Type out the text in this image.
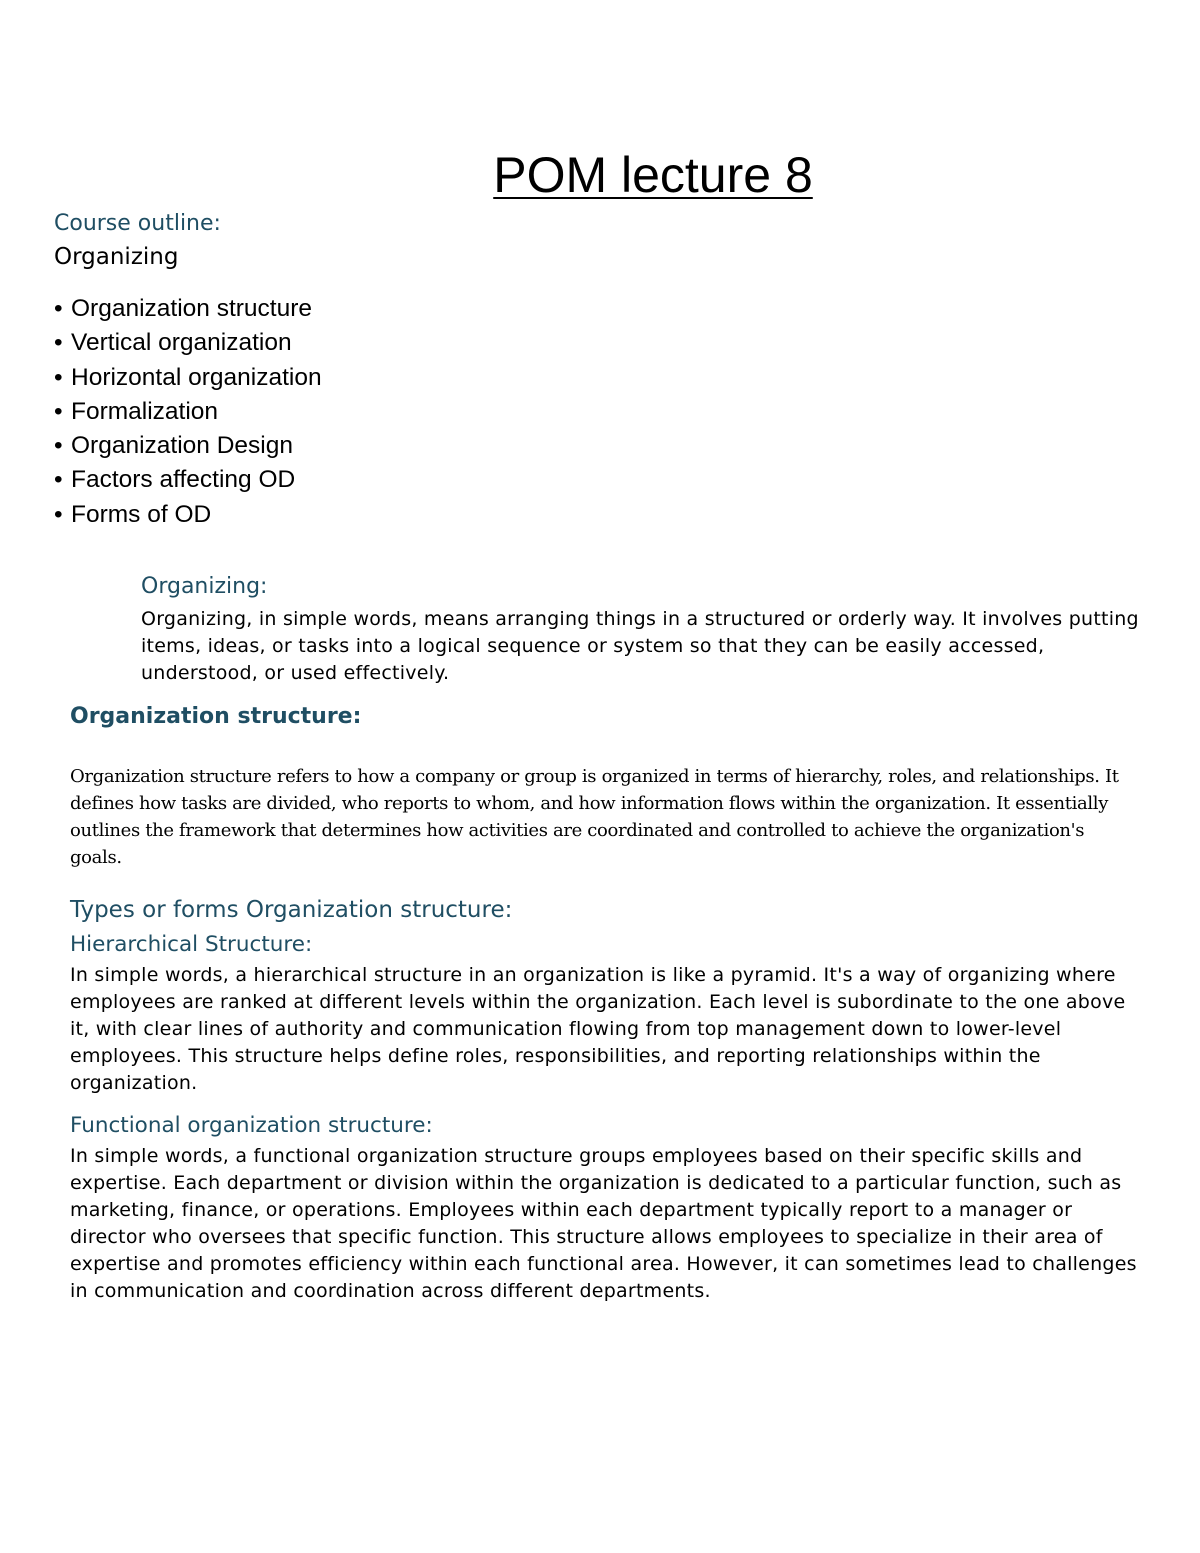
POM lecture 8

Course outline:

Organizing

• Organization structure
• Vertical organization
• Horizontal organization
• Formalization
• Organization Design
• Factors affecting OD
• Forms of OD
Organizing:

Organizing, in simple words, means arranging things in a structured or orderly way. It involves putting items, ideas, or tasks into a logical sequence or system so that they can be easily accessed, understood, or used effectively.

Organization structure:

Organization structure refers to how a company or group is organized in terms of hierarchy, roles, and relationships. It defines how tasks are divided, who reports to whom, and how information flows within the organization. It essentially outlines the framework that determines how activities are coordinated and controlled to achieve the organization's goals.

Types or forms Organization structure:
Hierarchical Structure:

In simple words, a hierarchical structure in an organization is like a pyramid. It's a way of organizing where employees are ranked at different levels within the organization. Each level is subordinate to the one above it, with clear lines of authority and communication flowing from top management down to lower-level employees. This structure helps define roles, responsibilities, and reporting relationships within the organization.

Functional organization structure:

In simple words, a functional organization structure groups employees based on their specific skills and expertise. Each department or division within the organization is dedicated to a particular function, such as marketing, finance, or operations. Employees within each department typically report to a manager or director who oversees that specific function. This structure allows employees to specialize in their area of expertise and promotes efficiency within each functional area. However, it can sometimes lead to challenges in communication and coordination across different departments.
